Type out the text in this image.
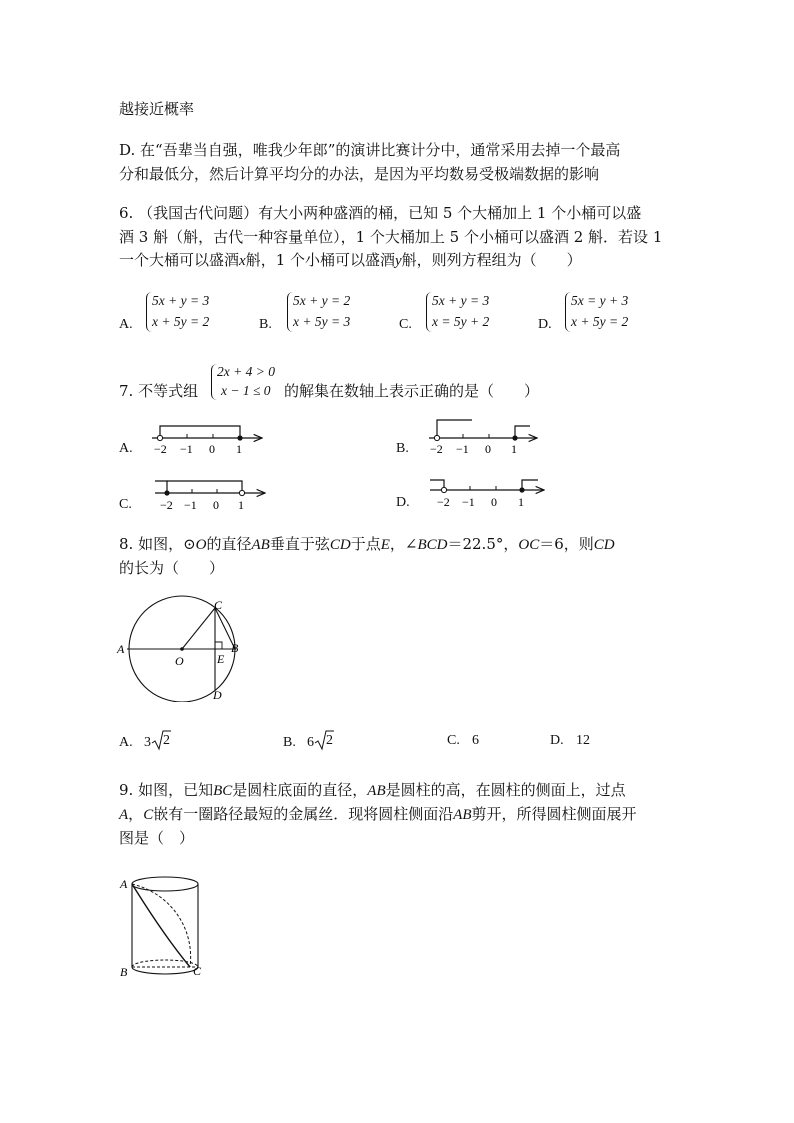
越接近概率
D. 在“吾辈当自强，唯我少年郎”的演讲比赛计分中，通常采用去掉一个最高
分和最低分，然后计算平均分的办法，是因为平均数易受极端数据的影响
6. （我国古代问题）有大小两种盛酒的桶，已知 5 个大桶加上 1 个小桶可以盛
酒 3 斛（斛，古代一种容量单位），1 个大桶加上 5 个小桶可以盛酒 2 斛．若设 1
一个大桶可以盛酒x斛，1 个小桶可以盛酒y斛，则列方程组为（　　）
A.
5x + y = 3
x + 5y = 2	B.
5x + y = 2
x + 5y = 3	C.
5x + y = 3
x = 5y + 2	D.
5x = y + 3
x + 5y = 2
7. 不等式组
2x + 4 > 0
x − 1 ≤ 0 的解集在数轴上表示正确的是（　　）
A.	B.
C.	D.
−2 −1 0 1	−2 −1 0 1
−2 −1 0 1	−2 −1 0 1
8. 如图，⊙O的直径AB垂直于弦CD于点E，∠BCD＝22.5°，OC＝6，则CD
的长为（　　）
A	B
C
D
O	E
A. 3 2	B. 6 2	C. 6	D. 12
9. 如图，已知BC是圆柱底面的直径，AB是圆柱的高，在圆柱的侧面上，过点
A，C嵌有一圈路径最短的金属丝．现将圆柱侧面沿AB剪开，所得圆柱侧面展开
图是（　）
A
B	C
